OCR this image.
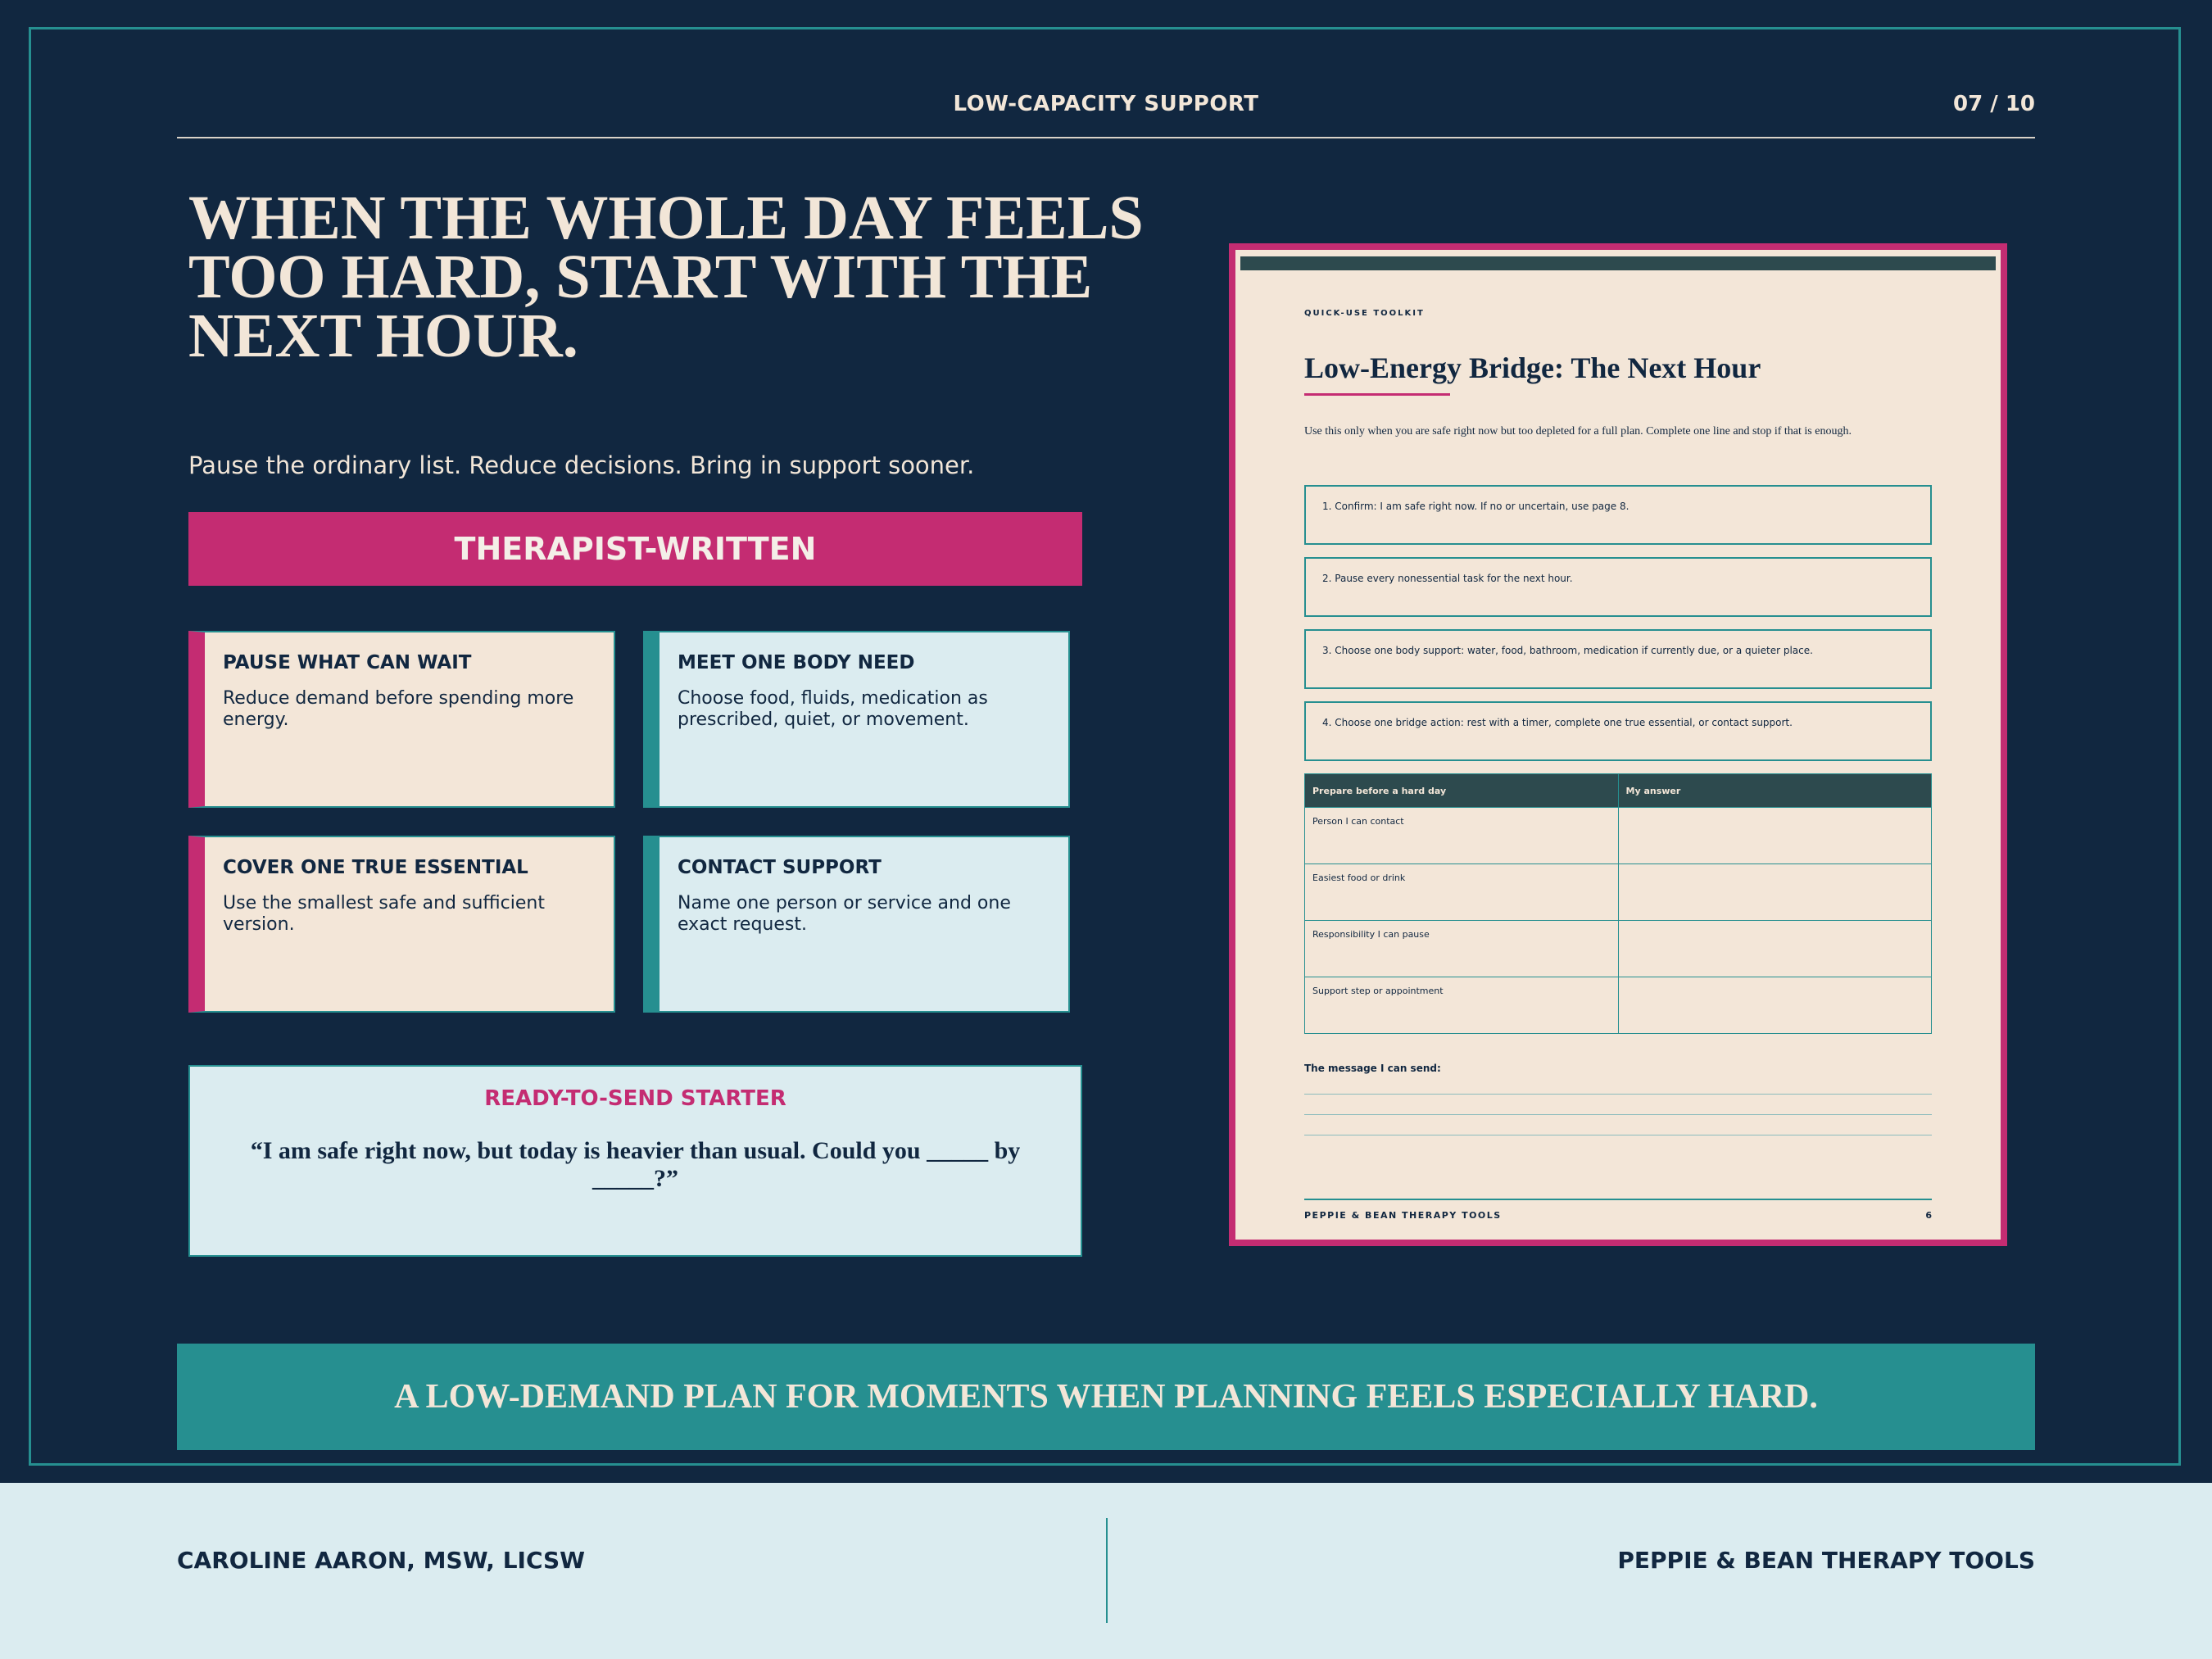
LOW-CAPACITY SUPPORT	07 / 10
WHEN THE WHOLE DAY FEELS TOO HARD, START WITH THE NEXT HOUR.
Pause the ordinary list. Reduce decisions. Bring in support sooner.
THERAPIST-WRITTEN

PAUSE WHAT CAN WAIT

Reduce demand before spending more energy.

MEET ONE BODY NEED

Choose food, fluids, medication as prescribed, quiet, or movement.

COVER ONE TRUE ESSENTIAL

Use the smallest safe and sufficient version.

CONTACT SUPPORT

Name one person or service and one exact request.

READY-TO-SEND STARTER
“I am safe right now, but today is heavier than usual. Could you _____ by _____?”
QUICK-USE TOOLKIT
Low-Energy Bridge: The Next Hour
Use this only when you are safe right now but too depleted for a full plan. Complete one line and stop if that is enough.
1. Confirm: I am safe right now. If no or uncertain, use page 8.
2. Pause every nonessential task for the next hour.
3. Choose one body support: water, food, bathroom, medication if currently due, or a quieter place.
4. Choose one bridge action: rest with a timer, complete one true essential, or contact support.
Prepare before a hard day	My answer
Person I can contact	
Easiest food or drink	
Responsibility I can pause	
Support step or appointment	
The message I can send:
PEPPIE & BEAN THERAPY TOOLS	6
A LOW-DEMAND PLAN FOR MOMENTS WHEN PLANNING FEELS ESPECIALLY HARD.
CAROLINE AARON, MSW, LICSW	PEPPIE & BEAN THERAPY TOOLS
